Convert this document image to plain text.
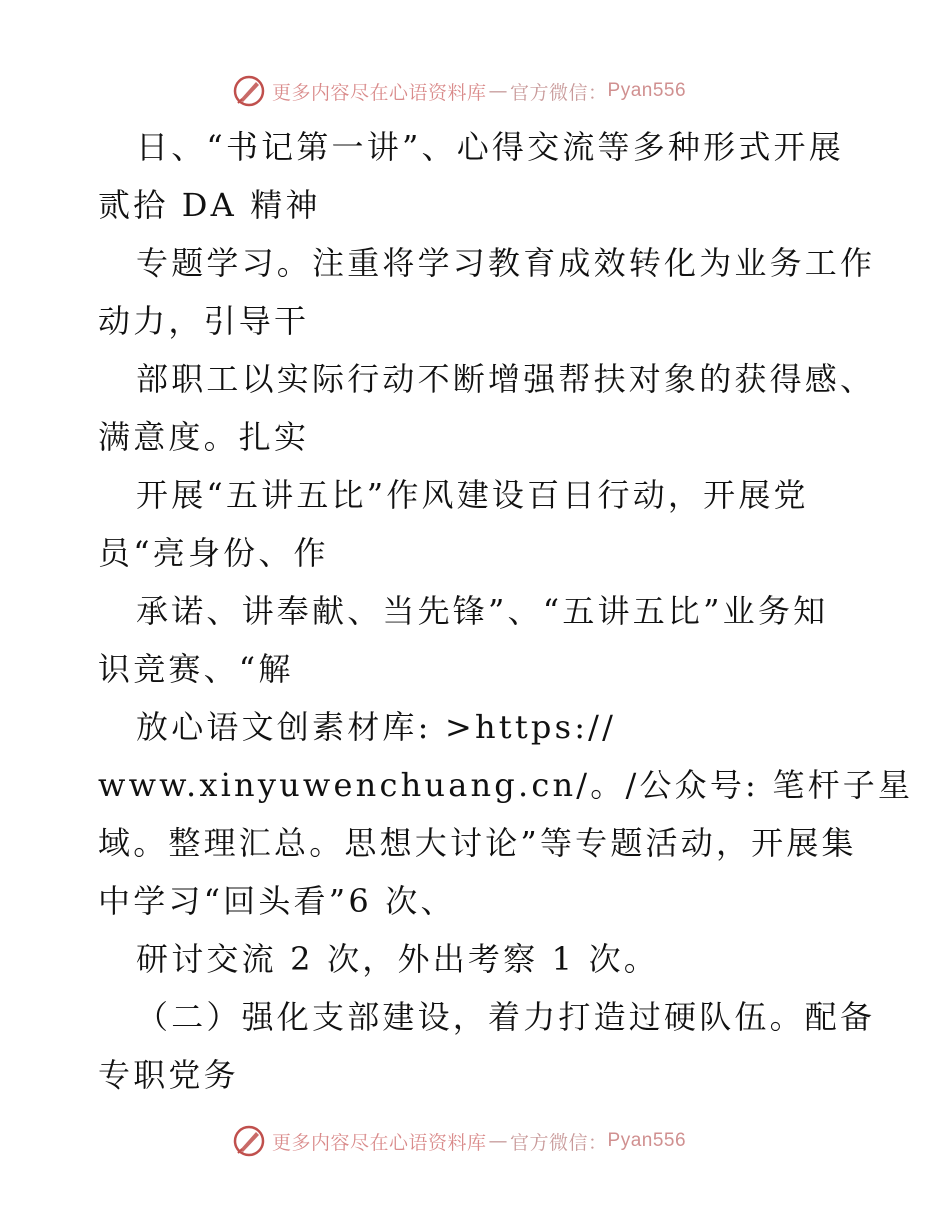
更多内容尽在心语资料库 — 官方微信： Pyan556
日、“书记第一讲”、心得交流等多种形式开展
贰拾 DA 精神
专题学习。注重将学习教育成效转化为业务工作
动力，引导干
部职工以实际行动不断增强帮扶对象的获得感、
满意度。扎实
开展“五讲五比”作风建设百日行动，开展党
员“亮身份、作
承诺、讲奉献、当先锋”、“五讲五比”业务知
识竞赛、“解
放心语文创素材库: >https://
www.xinyuwenchuang.cn/。/公众号: 笔杆子星
域。整理汇总。思想大讨论”等专题活动，开展集
中学习“回头看”6 次、
研讨交流 2 次，外出考察 1 次。
（二）强化支部建设，着力打造过硬队伍。配备
专职党务
更多内容尽在心语资料库 — 官方微信： Pyan556
